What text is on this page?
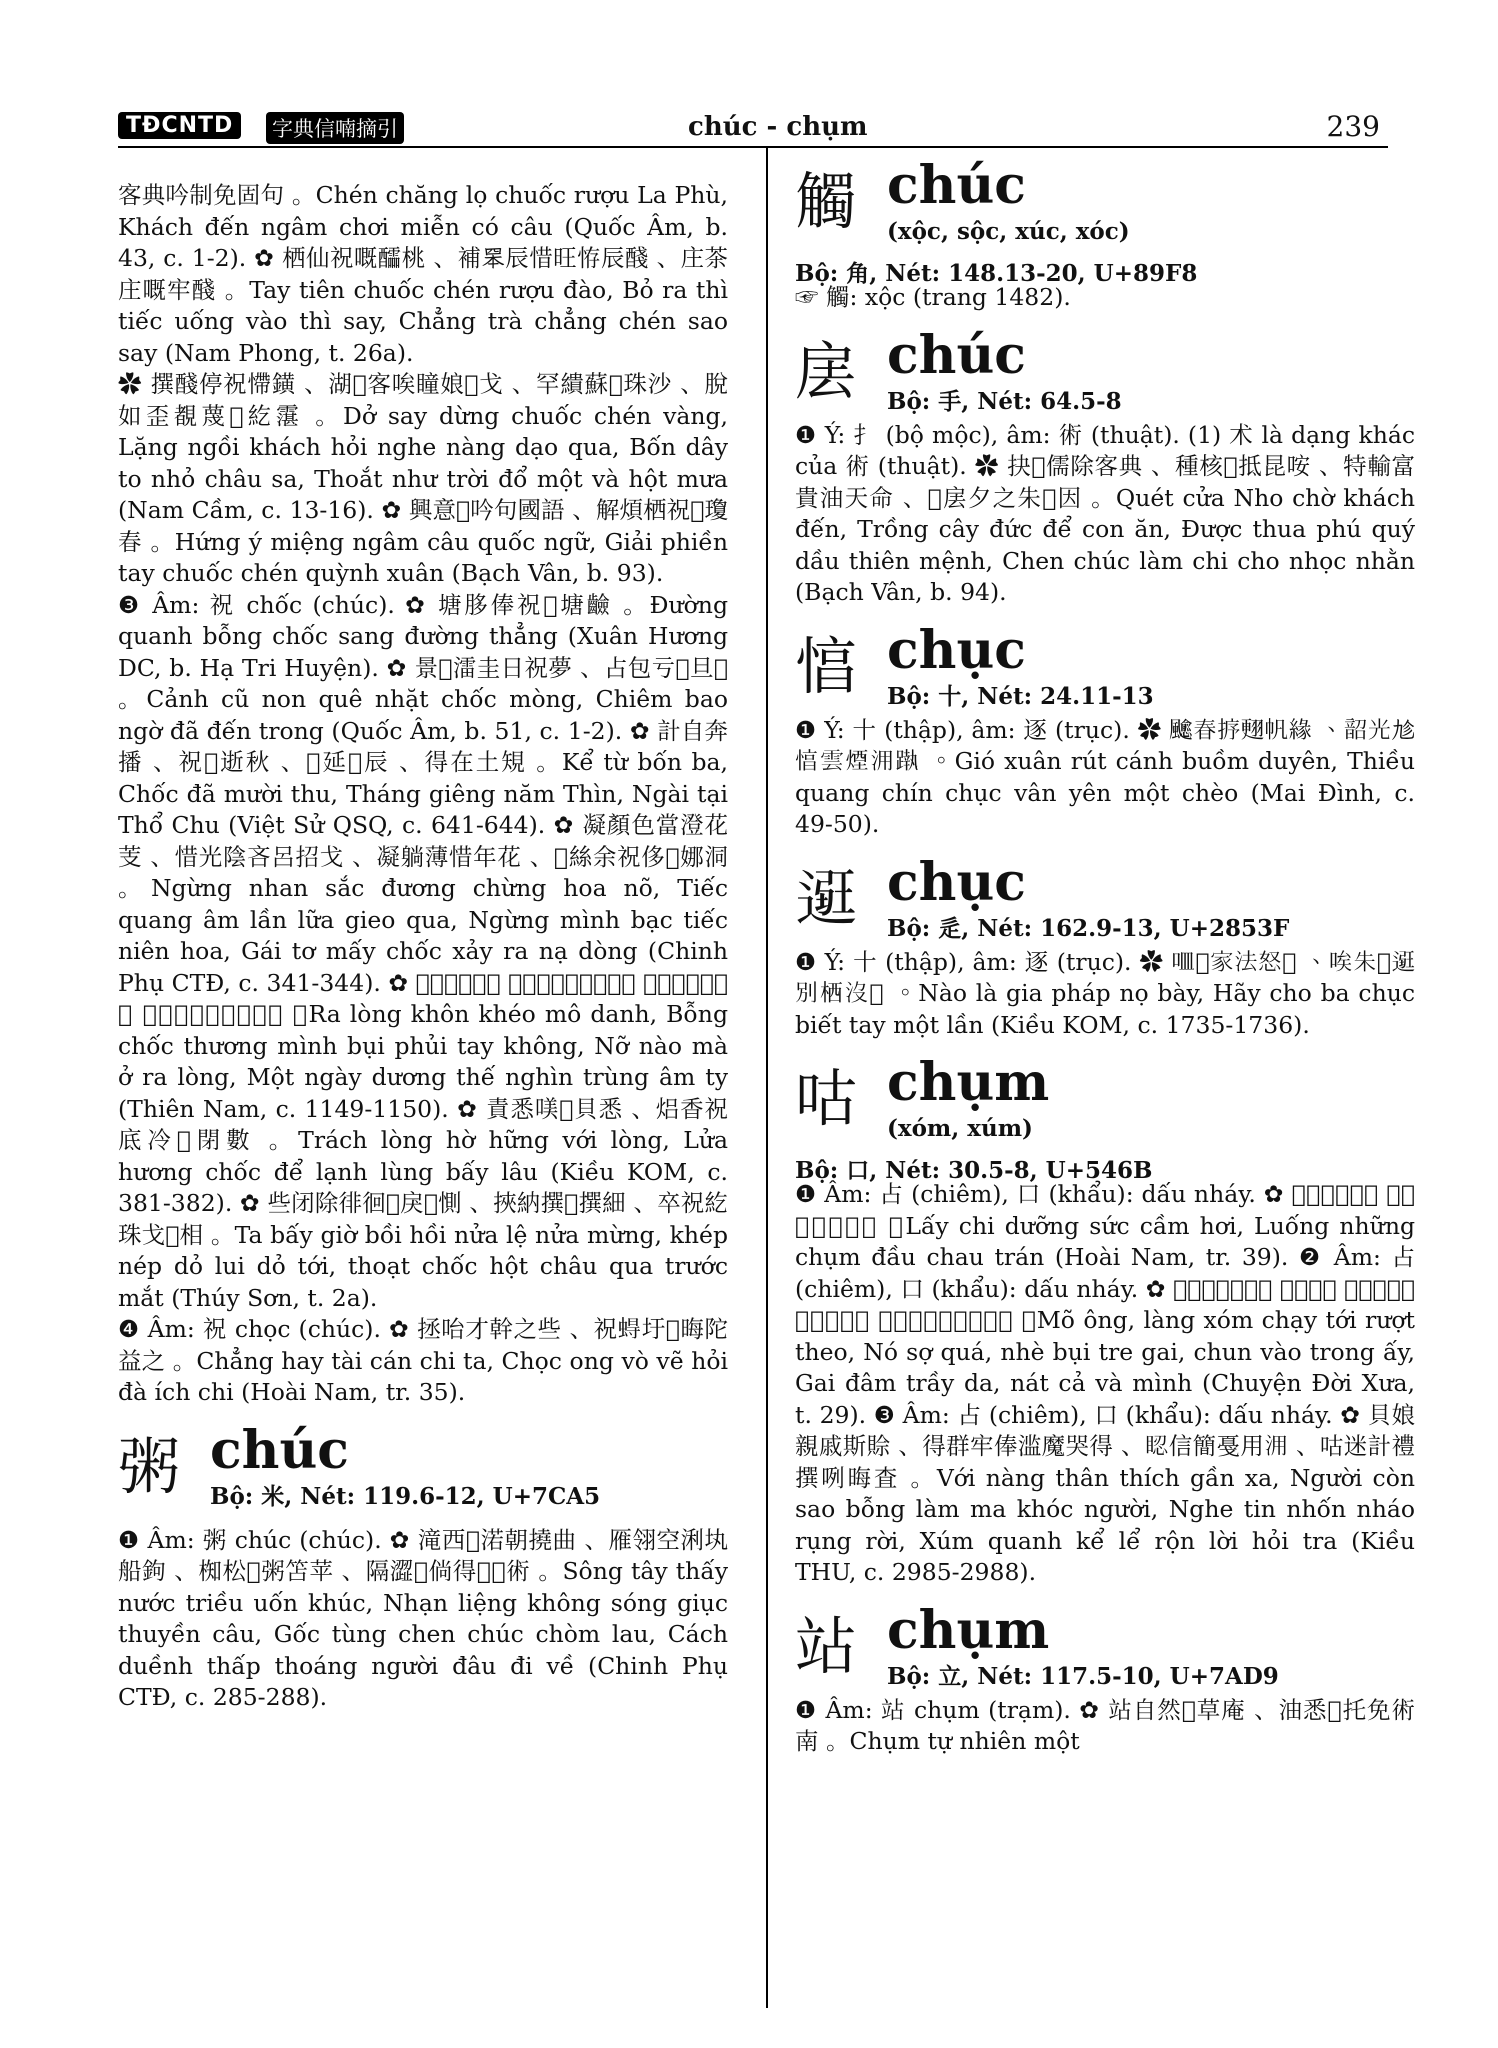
TĐCNTD	字典信喃摘引	chúc - chụm	239

客典吟制免固句 。Chén chăng lọ chuốc rượu La Phù, Khách đến ngâm chơi miễn có câu (Quốc Âm, b. 43, c. 1-2). ✿ 栖仙祝嘅醽桃 、補𦊚辰惜旺𢙨辰醆 、庄茶庄嘅牢醆 。Tay tiên chuốc chén rượu đào, Bỏ ra thì tiếc uống vào thì say, Chẳng trà chẳng chén sao say (Nam Phong, t. 26a).

✿ 撰醆停祝㦅鐄 、湖𩵜客唉瞳娘𨄴戈 、罕繢蘇𢭸珠沙 、脫如歪覩蔑𩁱紇霮 。Dở say dừng chuốc chén vàng, Lặng ngồi khách hỏi nghe nàng dạo qua, Bốn dây to nhỏ châu sa, Thoắt như trời đổ một và hột mưa (Nam Cầm, c. 13-16). ✿ 興意𠶆吟句國語 、解煩栖祝𢭲瓊春 。Hứng ý miệng ngâm câu quốc ngữ, Giải phiền tay chuốc chén quỳnh xuân (Bạch Vân, b. 93).

❸ Âm: 祝 chốc (chúc). ✿ 塘䏧俸祝𨖅塘䶨 。Đường quanh bỗng chốc sang đường thẳng (Xuân Hương DC, b. Hạ Tri Huyện). ✿ 景𡽫㵢圭日祝夢 、占包亏𠅍旦𢄂 。Cảnh cũ non quê nhặt chốc mòng, Chiêm bao ngờ đã đến trong (Quốc Âm, b. 51, c. 1-2). ✿ 計自奔播 、祝𠅍逝秋 、𦝄延𦊚辰 、得在土䂓 。Kể từ bốn ba, Chốc đã mười thu, Tháng giêng năm Thìn, Ngài tại Thổ Chu (Việt Sử QSQ, c. 641-644). ✿ 凝顏色當澄花芰 、惜光陰吝呂招戈 、凝躺薄惜年花 、𡛔絲余祝侈𪿒娜洞 。Ngừng nhan sắc đương chừng hoa nõ, Tiếc quang âm lần lữa gieo qua, Ngừng mình bạc tiếc niên hoa, Gái tơ mấy chốc xảy ra nạ dòng (Chinh Phụ CTĐ, c. 341-344). ✿ 𪿒悉坤窖謨名 、俸祝傷𨉓倍摳栖空 、女𠰘庥於𪿒悉 、𣅶𣇞陽世𢢯重陰司 。Ra lòng khôn khéo mô danh, Bỗng chốc thương mình bụi phủi tay không, Nỡ nào mà ở ra lòng, Một ngày dương thế nghìn trùng âm ty (Thiên Nam, c. 1149-1150). ✿ 責悉𠸍𠽉貝悉 、焒香祝底冷𣼽閉數 。Trách lòng hờ hững với lòng, Lửa hương chốc để lạnh lùng bấy lâu (Kiều KOM, c. 381-382). ✿ 些闭除徘徊𪟽戾𪟽惻 、挾納撰𨇜撰細 、卒祝紇珠戈𨌠相 。Ta bấy giờ bồi hồi nửa lệ nửa mừng, khép nép dỏ lui dỏ tới, thoạt chốc hột châu qua trước mắt (Thúy Sơn, t. 2a).

❹ Âm: 祝 chọc (chúc). ✿ 拯咍才幹之些 、祝𧍋圩𧋆晦陀益之 。Chẳng hay tài cán chi ta, Chọc ong vò vẽ hỏi đà ích chi (Hoài Nam, tr. 35).

粥 chúc
Bộ: 米, Nét: 119.6-12, U+7CA5

❶ Âm: 粥 chúc (chúc). ✿ 滝西𧡊渃朝撓曲 、雁翎空浰𡉕船鉤 、椥松𣘈粥笘苹 、隔澀𣺺倘得𣒵𧻭術 。Sông tây thấy nước triều uốn khúc, Nhạn liệng không sóng giục thuyền câu, Gốc tùng chen chúc chòm lau, Cách duềnh thấp thoáng người đâu đi về (Chinh Phụ CTĐ, c. 285-288).

觸 chúc
(xộc, sộc, xúc, xóc)
Bộ: 角, Nét: 148.13-20, U+89F8

☞ 觸: xộc (trang 1482).

㧁 chúc
Bộ: 手, Nét: 64.5-8

❶ Ý: 扌 (bộ mộc), âm: 術 (thuật). (1) 术 là dạng khác của 術 (thuật). ✿ 抉𨷯儒除客典 、種核𢃊抵昆咹 、特輸富貴油天命 、𣘈㧁夕之朱𠁀因 。Quét cửa Nho chờ khách đến, Trồng cây đức để con ăn, Được thua phú quý dầu thiên mệnh, Chen chúc làm chi cho nhọc nhằn (Bạch Vân, b. 94).

㥫 chục
Bộ: 十, Nét: 24.11-13

❶ Ý: 十 (thập), âm: 逐 (trục). ✿ 𩙍春𢭸𦑃帆緣 、韶光𠃩㥫雲煙𣳔𨄴 。Gió xuân rút cánh buồm duyên, Thiều quang chín chục vân yên một chèo (Mai Đình, c. 49-50).

𨕿 chục
Bộ: 辵, Nét: 162.9-13, U+2853F

❶ Ý: 十 (thập), âm: 逐 (trục). ✿ 𠰘𢀦家法怒𠊛 、唉朱𠀧𨕿別栖沒𠫾 。Nào là gia pháp nọ bày, Hãy cho ba chục biết tay một lần (Kiều KOM, c. 1735-1736).

咕 chụm
(xóm, xúm)
Bộ: 口, Nét: 30.5-8, U+546B

❶ Âm: 占 (chiêm), 口 (khẩu): dấu nháy. ✿ 𢬣之養餕𢩽唏 、𥢆仍咕頭朱𩠓 。Lấy chi dưỡng sức cầm hơi, Luống những chụm đầu chau trán (Hoài Nam, tr. 39). ❷ Âm: 占 (chiêm), 口 (khẩu): dấu nháy. ✿ 𣘃廊咕𤞺細𨒺𨇉 、奴怍過 、𠶢𦭷椥芰 、𡏦𢙨冲意 、芰鈂池胗湼𦑗吧命 。Mõ ông, làng xóm chạy tới rượt theo, Nó sợ quá, nhè bụi tre gai, chun vào trong ấy, Gai đâm trầy da, nát cả và mình (Chuyện Đời Xưa, t. 29). ❸ Âm: 占 (chiêm), 口 (khẩu): dấu nháy. ✿ 貝娘親戚斯賒 、得群牢俸滥魔哭得 、𥆾信簡戞用𣳔 、咕迷計禮撰咧晦査 。Với nàng thân thích gần xa, Người còn sao bỗng làm ma khóc người, Nghe tin nhốn nháo rụng rời, Xúm quanh kể lể rộn lời hỏi tra (Kiều THU, c. 2985-2988).

站 chụm
Bộ: 立, Nét: 117.5-10, U+7AD9

❶ Âm: 站 chụm (trạm). ✿ 站自然𠅍草庵 、油悉𢭲托免術南 。Chụm tự nhiên một
